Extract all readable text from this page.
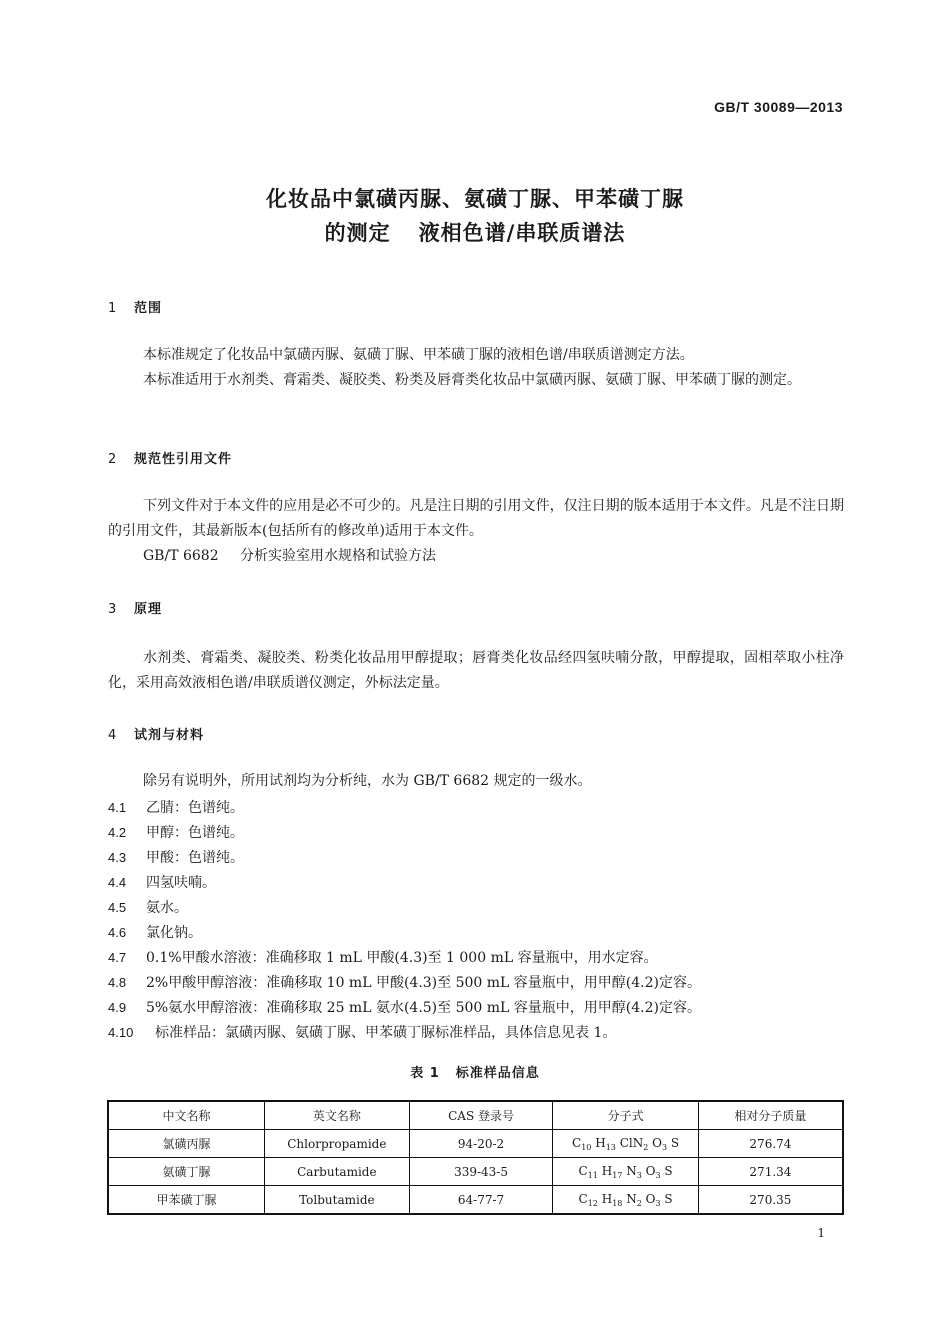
GB/T 30089—2013
化妆品中氯磺丙脲、氨磺丁脲、甲苯磺丁脲
的测定 液相色谱/串联质谱法
1 范围
本标准规定了化妆品中氯磺丙脲、氨磺丁脲、甲苯磺丁脲的液相色谱/串联质谱测定方法。
本标准适用于水剂类、膏霜类、凝胶类、粉类及唇膏类化妆品中氯磺丙脲、氨磺丁脲、甲苯磺丁脲的测定。
2 规范性引用文件
下列文件对于本文件的应用是必不可少的。凡是注日期的引用文件，仅注日期的版本适用于本文件。凡是不注日期的引用文件，其最新版本(包括所有的修改单)适用于本文件。
GB/T 6682 分析实验室用水规格和试验方法
3 原理
水剂类、膏霜类、凝胶类、粉类化妆品用甲醇提取；唇膏类化妆品经四氢呋喃分散，甲醇提取，固相萃取小柱净化，采用高效液相色谱/串联质谱仪测定，外标法定量。
4 试剂与材料
除另有说明外，所用试剂均为分析纯，水为 GB/T 6682 规定的一级水。
4.1 乙腈：色谱纯。
4.2 甲醇：色谱纯。
4.3 甲酸：色谱纯。
4.4 四氢呋喃。
4.5 氨水。
4.6 氯化钠。
4.7 0.1%甲酸水溶液：准确移取 1 mL 甲酸(4.3)至 1 000 mL 容量瓶中，用水定容。
4.8 2%甲酸甲醇溶液：准确移取 10 mL 甲酸(4.3)至 500 mL 容量瓶中，用甲醇(4.2)定容。
4.9 5%氨水甲醇溶液：准确移取 25 mL 氨水(4.5)至 500 mL 容量瓶中，用甲醇(4.2)定容。
4.10 标准样品：氯磺丙脲、氨磺丁脲、甲苯磺丁脲标准样品，具体信息见表 1。
表 1 标准样品信息
中文名称	英文名称	CAS 登录号	分子式	相对分子质量
氯磺丙脲	Chlorpropamide	94-20-2	$C_{10}$ $H_{13}$ ClN$_2$ $O_3$ S	276.74
氨磺丁脲	Carbutamide	339-43-5	$C_{11}$ $H_{17}$ $N_3$ $O_3$ S	271.34
甲苯磺丁脲	Tolbutamide	64-77-7	$C_{12}$ $H_{18}$ $N_2$ $O_3$ S	270.35
1
